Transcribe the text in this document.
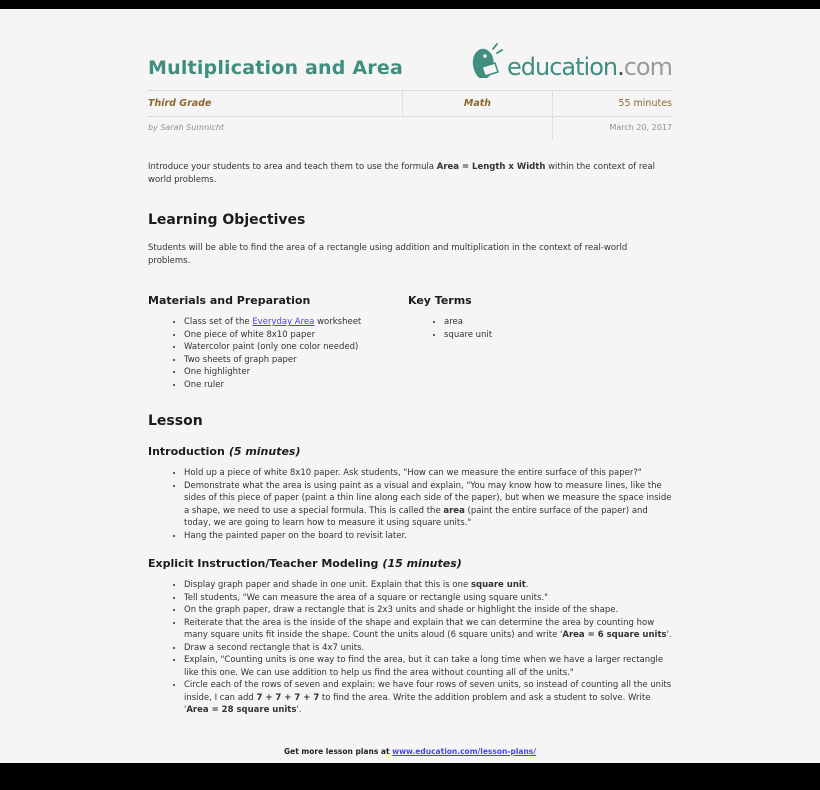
Multiplication and Area	education.com
Third Grade	Math	55 minutes
by Sarah Sumnicht	March 20, 2017

Introduce your students to area and teach them to use the formula Area = Length x Width within the context of real world problems.

Learning Objectives

Students will be able to find the area of a rectangle using addition and multiplication in the context of real-world problems.

Materials and Preparation
• Class set of the Everyday Area worksheet
• One piece of white 8x10 paper
• Watercolor paint (only one color needed)
• Two sheets of graph paper
• One highlighter
• One ruler
Key Terms
• area
• square unit
Lesson
Introduction (5 minutes)
• Hold up a piece of white 8x10 paper. Ask students, "How can we measure the entire surface of this paper?"
• Demonstrate what the area is using paint as a visual and explain, "You may know how to measure lines, like the sides of this piece of paper (paint a thin line along each side of the paper), but when we measure the space inside a shape, we need to use a special formula. This is called the area (paint the entire surface of the paper) and today, we are going to learn how to measure it using square units."
• Hang the painted paper on the board to revisit later.
Explicit Instruction/Teacher Modeling (15 minutes)
• Display graph paper and shade in one unit. Explain that this is one square unit.
• Tell students, "We can measure the area of a square or rectangle using square units."
• On the graph paper, draw a rectangle that is 2x3 units and shade or highlight the inside of the shape.
• Reiterate that the area is the inside of the shape and explain that we can determine the area by counting how many square units fit inside the shape. Count the units aloud (6 square units) and write 'Area = 6 square units'.
• Draw a second rectangle that is 4x7 units.
• Explain, "Counting units is one way to find the area, but it can take a long time when we have a larger rectangle like this one. We can use addition to help us find the area without counting all of the units."
• Circle each of the rows of seven and explain: we have four rows of seven units, so instead of counting all the units inside, I can add 7 + 7 + 7 + 7 to find the area. Write the addition problem and ask a student to solve. Write 'Area = 28 square units'.

Get more lesson plans at www.education.com/lesson-plans/
